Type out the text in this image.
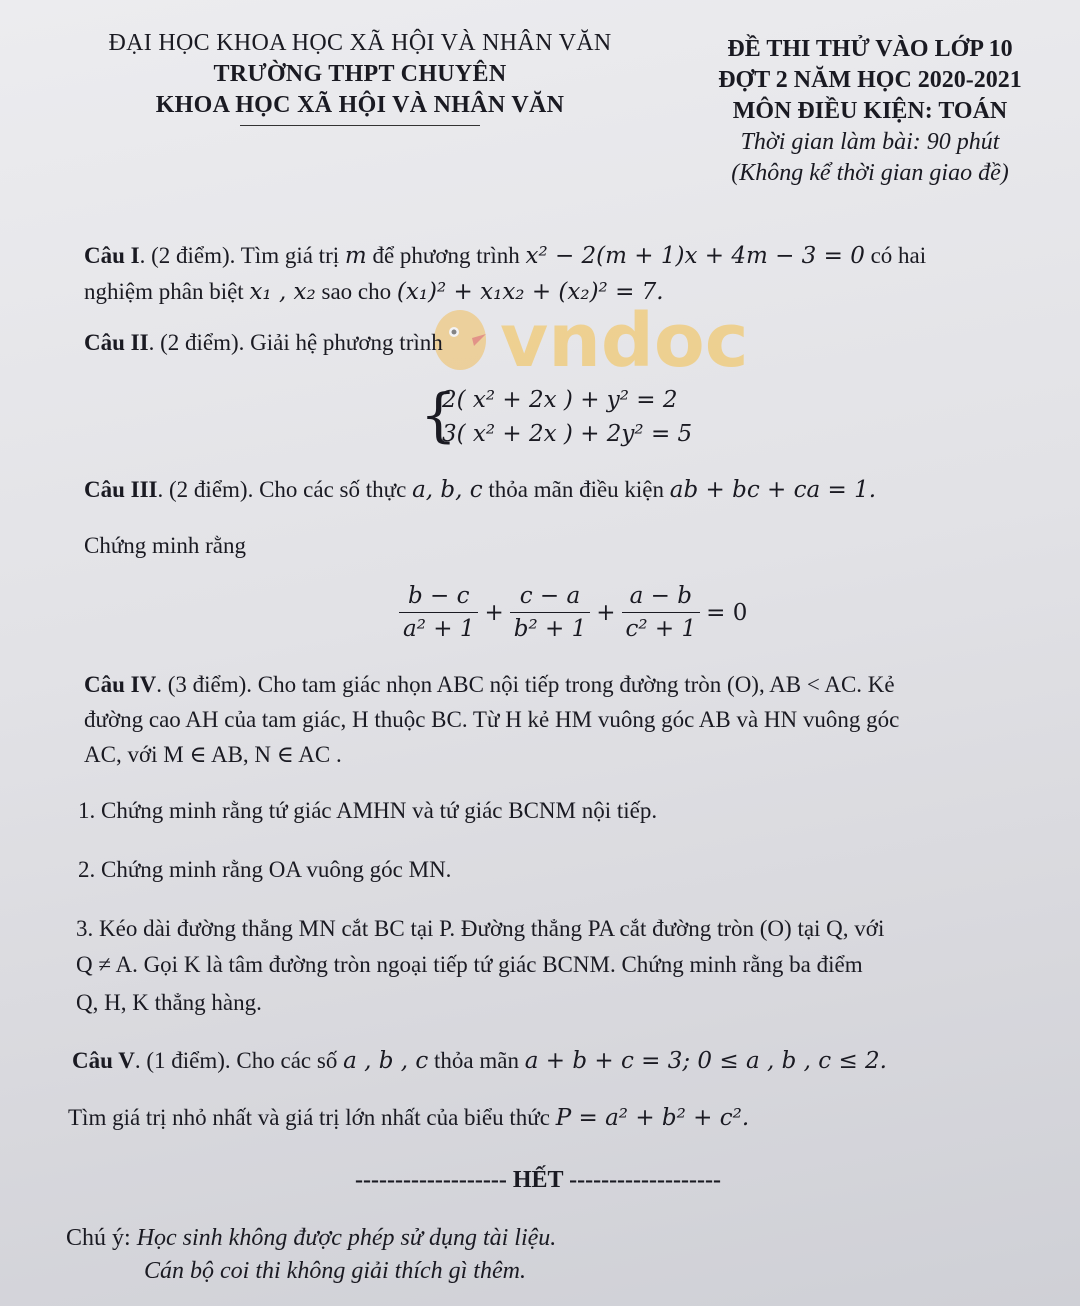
ĐẠI HỌC KHOA HỌC XÃ HỘI VÀ NHÂN VĂN
TRƯỜNG THPT CHUYÊN
KHOA HỌC XÃ HỘI VÀ NHÂN VĂN
ĐỀ THI THỬ VÀO LỚP 10
ĐỢT 2 NĂM HỌC 2020-2021
MÔN ĐIỀU KIỆN: TOÁN
Thời gian làm bài: 90 phút
(Không kể thời gian giao đề)
vndoc
Câu I. (2 điểm). Tìm giá trị m để phương trình x² − 2(m + 1)x + 4m − 3 = 0 có hai
nghiệm phân biệt x₁ , x₂ sao cho (x₁)² + x₁x₂ + (x₂)² = 7.
Câu II. (2 điểm). Giải hệ phương trình
{
2( x² + 2x ) + y² = 2
3( x² + 2x ) + 2y² = 5
Câu III. (2 điểm). Cho các số thực a, b, c thỏa mãn điều kiện ab + bc + ca = 1.
Chứng minh rằng
$\frac{b - c}{\text{a² + 1}} + \frac{c - a}{\text{b² + 1}} + \frac{a - b}{\text{c² + 1}} = 0$
Câu IV. (3 điểm). Cho tam giác nhọn ABC nội tiếp trong đường tròn (O), AB < AC. Kẻ
đường cao AH của tam giác, H thuộc BC. Từ H kẻ HM vuông góc AB và HN vuông góc
AC, với M ∈ AB, N ∈ AC .
1. Chứng minh rằng tứ giác AMHN và tứ giác BCNM nội tiếp.
2. Chứng minh rằng OA vuông góc MN.
3. Kéo dài đường thẳng MN cắt BC tại P. Đường thẳng PA cắt đường tròn (O) tại Q, với
Q ≠ A. Gọi K là tâm đường tròn ngoại tiếp tứ giác BCNM. Chứng minh rằng ba điểm
Q, H, K thẳng hàng.
Câu V. (1 điểm). Cho các số a , b , c thỏa mãn a + b + c = 3; 0 ≤ a , b , c ≤ 2.
Tìm giá trị nhỏ nhất và giá trị lớn nhất của biểu thức P = a² + b² + c².
------------------- HẾT -------------------
Chú ý: Học sinh không được phép sử dụng tài liệu.
Cán bộ coi thi không giải thích gì thêm.
